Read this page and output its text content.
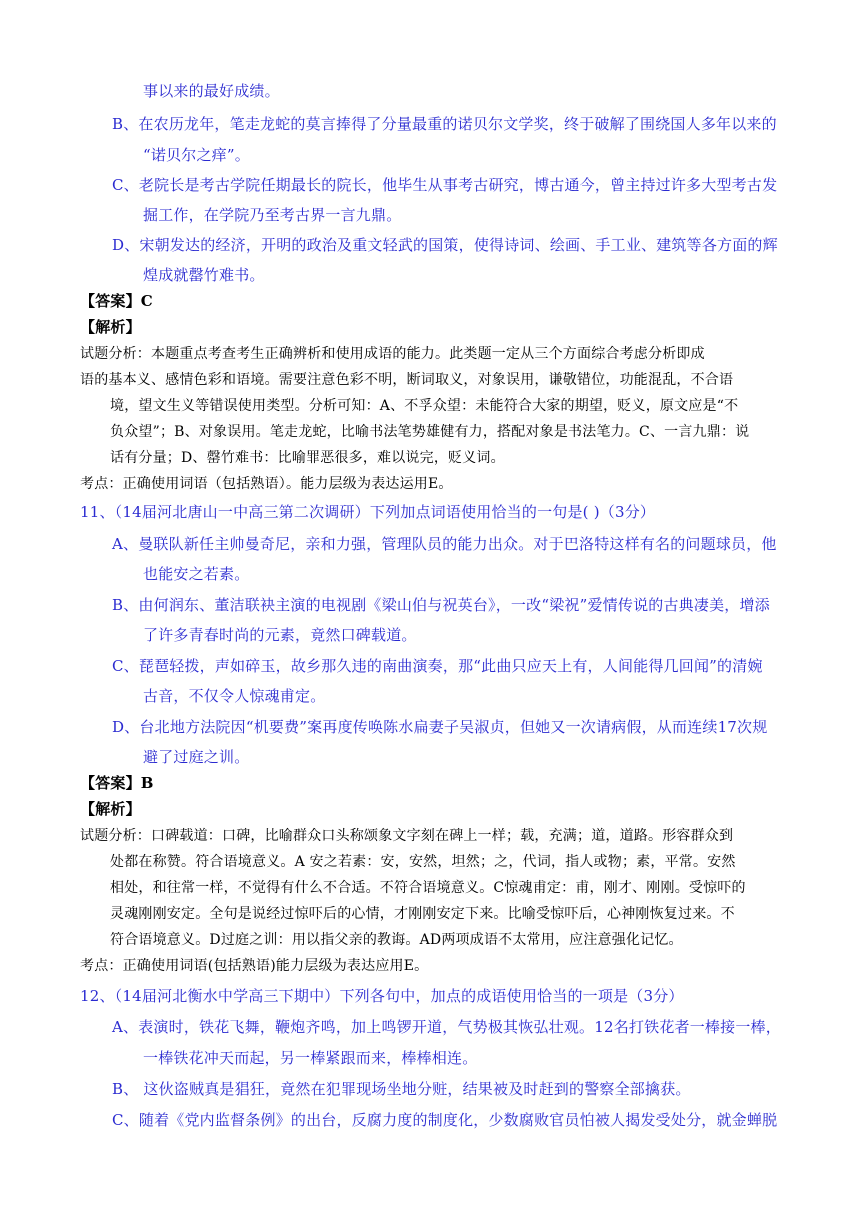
事以来的最好成绩。
B、在农历龙年，笔走龙蛇的莫言捧得了分量最重的诺贝尔文学奖，终于破解了围绕国人多年以来的
“诺贝尔之痒”。
C、老院长是考古学院任期最长的院长，他毕生从事考古研究，博古通今，曾主持过许多大型考古发
掘工作，在学院乃至考古界一言九鼎。
D、宋朝发达的经济，开明的政治及重文轻武的国策，使得诗词、绘画、手工业、建筑等各方面的辉
煌成就罄竹难书。
【答案】C
【解析】
试题分析：本题重点考查考生正确辨析和使用成语的能力。此类题一定从三个方面综合考虑分析即成
语的基本义、感情色彩和语境。需要注意色彩不明，断词取义，对象误用，谦敬错位，功能混乱，不合语
境，望文生义等错误使用类型。分析可知：A、不孚众望：未能符合大家的期望，贬义，原文应是“不
负众望”；B、对象误用。笔走龙蛇，比喻书法笔势雄健有力，搭配对象是书法笔力。C、一言九鼎：说
话有分量；D、罄竹难书：比喻罪恶很多，难以说完，贬义词。
考点：正确使用词语（包括熟语）。能力层级为表达运用E。
11、（14届河北唐山一中高三第二次调研）下列加点词语使用恰当的一句是( )（3分）
A、曼联队新任主帅曼奇尼，亲和力强，管理队员的能力出众。对于巴洛特这样有名的问题球员，他
也能安之若素。
B、由何润东、董洁联袂主演的电视剧《梁山伯与祝英台》，一改“梁祝”爱情传说的古典凄美，增添
了许多青春时尚的元素，竟然口碑载道。
C、琵琶轻拨，声如碎玉，故乡那久违的南曲演奏，那“此曲只应天上有，人间能得几回闻”的清婉
古音，不仅令人惊魂甫定。
D、台北地方法院因“机要费”案再度传唤陈水扁妻子吴淑贞，但她又一次请病假，从而连续17次规
避了过庭之训。
【答案】B
【解析】
试题分析：口碑载道：口碑，比喻群众口头称颂象文字刻在碑上一样；载，充满；道，道路。形容群众到
处都在称赞。符合语境意义。A 安之若素：安，安然，坦然；之，代词，指人或物；素，平常。安然
相处，和往常一样，不觉得有什么不合适。不符合语境意义。C惊魂甫定：甫，刚才、刚刚。受惊吓的
灵魂刚刚安定。全句是说经过惊吓后的心情，才刚刚安定下来。比喻受惊吓后，心神刚恢复过来。不
符合语境意义。D过庭之训：用以指父亲的教诲。AD两项成语不太常用，应注意强化记忆。
考点：正确使用词语(包括熟语)能力层级为表达应用E。
12、（14届河北衡水中学高三下期中）下列各句中，加点的成语使用恰当的一项是（3分）
A、表演时，铁花飞舞，鞭炮齐鸣，加上鸣锣开道，气势极其恢弘壮观。12名打铁花者一棒接一棒，
一棒铁花冲天而起，另一棒紧跟而来，棒棒相连。
B、 这伙盗贼真是猖狂，竟然在犯罪现场坐地分赃，结果被及时赶到的警察全部擒获。
C、随着《党内监督条例》的出台，反腐力度的制度化，少数腐败官员怕被人揭发受处分，就金蝉脱
